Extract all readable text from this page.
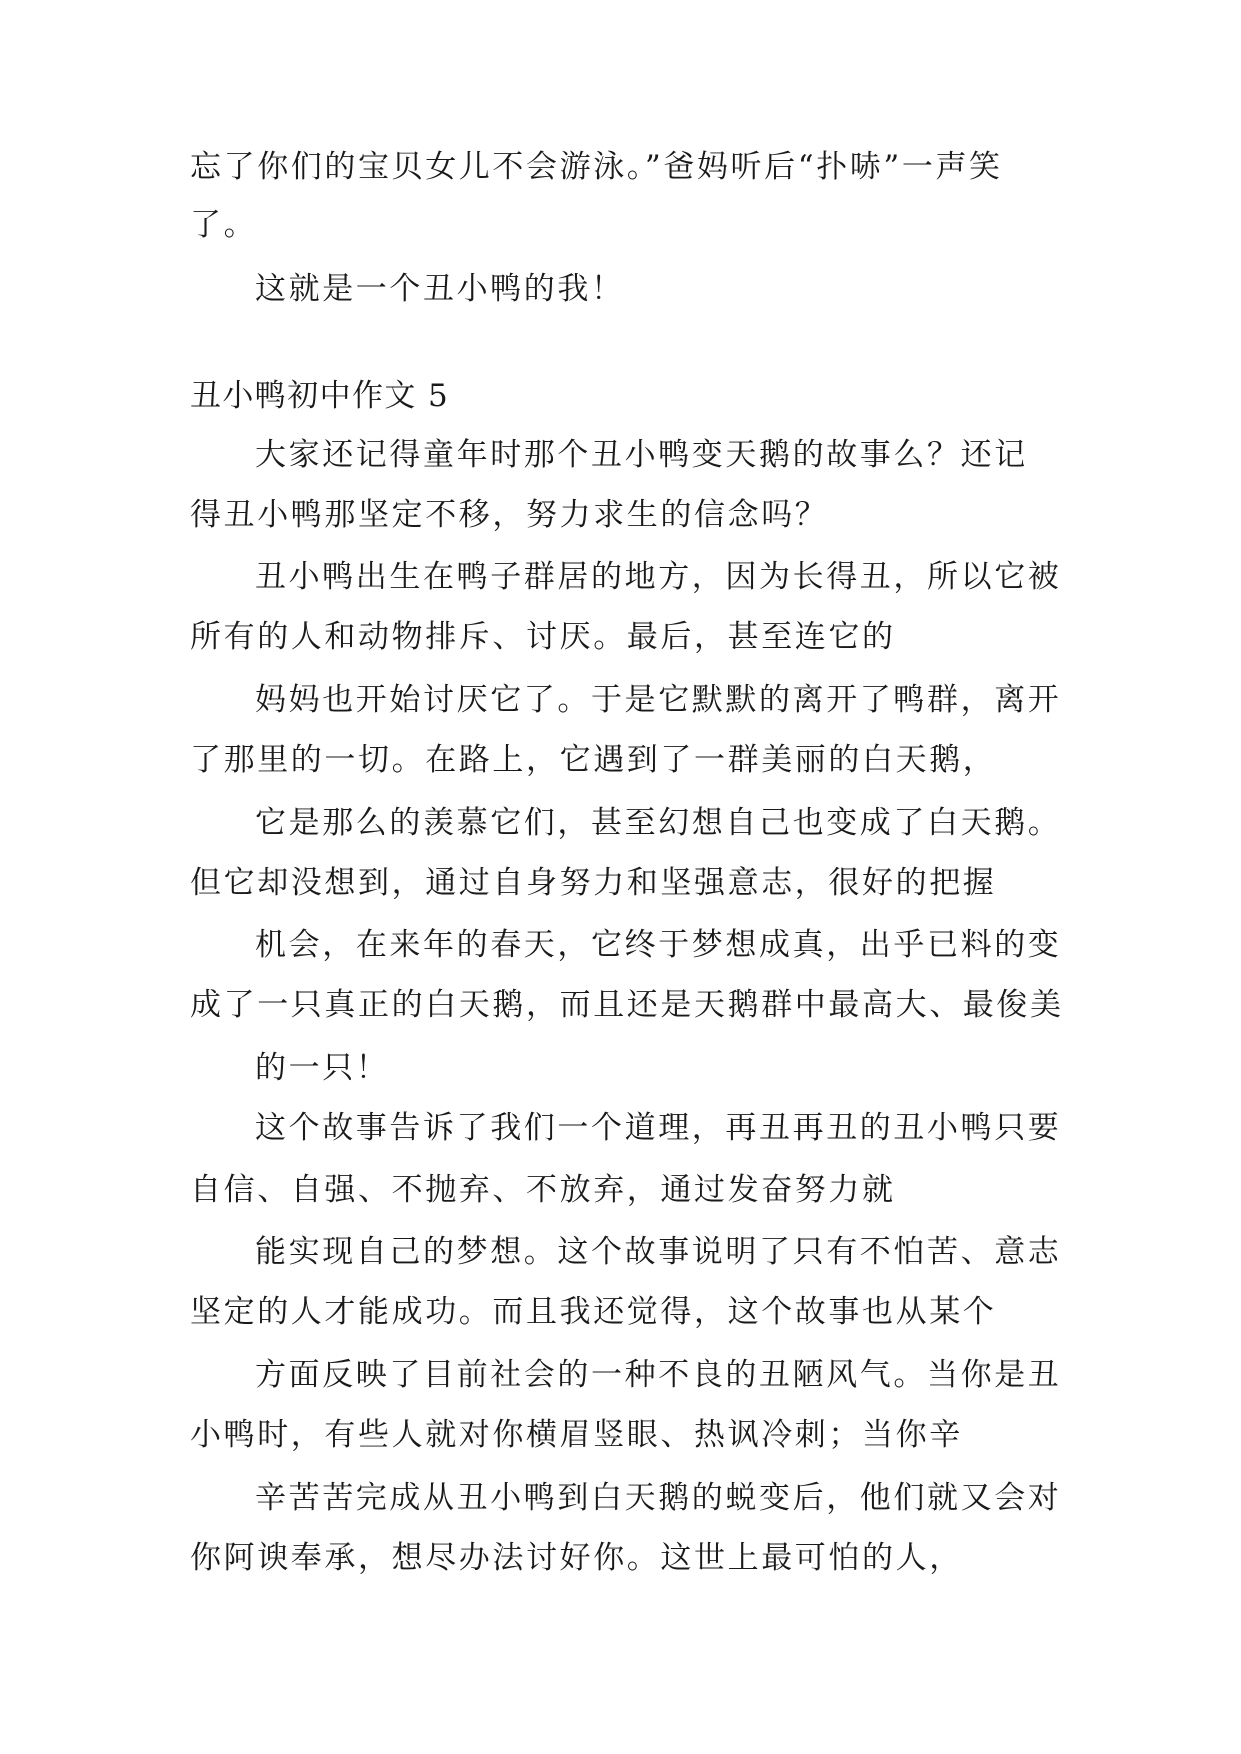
忘了你们的宝贝女儿不会游泳。”爸妈听后“扑哧”一声笑
了。
这就是一个丑小鸭的我！
丑小鸭初中作文 5
大家还记得童年时那个丑小鸭变天鹅的故事么？还记
得丑小鸭那坚定不移，努力求生的信念吗？
丑小鸭出生在鸭子群居的地方，因为长得丑，所以它被
所有的人和动物排斥、讨厌。最后，甚至连它的
妈妈也开始讨厌它了。于是它默默的离开了鸭群，离开
了那里的一切。在路上，它遇到了一群美丽的白天鹅，
它是那么的羡慕它们，甚至幻想自己也变成了白天鹅。
但它却没想到，通过自身努力和坚强意志，很好的把握
机会，在来年的春天，它终于梦想成真，出乎已料的变
成了一只真正的白天鹅，而且还是天鹅群中最高大、最俊美
的一只！
这个故事告诉了我们一个道理，再丑再丑的丑小鸭只要
自信、自强、不抛弃、不放弃，通过发奋努力就
能实现自己的梦想。这个故事说明了只有不怕苦、意志
坚定的人才能成功。而且我还觉得，这个故事也从某个
方面反映了目前社会的一种不良的丑陋风气。当你是丑
小鸭时，有些人就对你横眉竖眼、热讽冷刺；当你辛
辛苦苦完成从丑小鸭到白天鹅的蜕变后，他们就又会对
你阿谀奉承，想尽办法讨好你。这世上最可怕的人，
